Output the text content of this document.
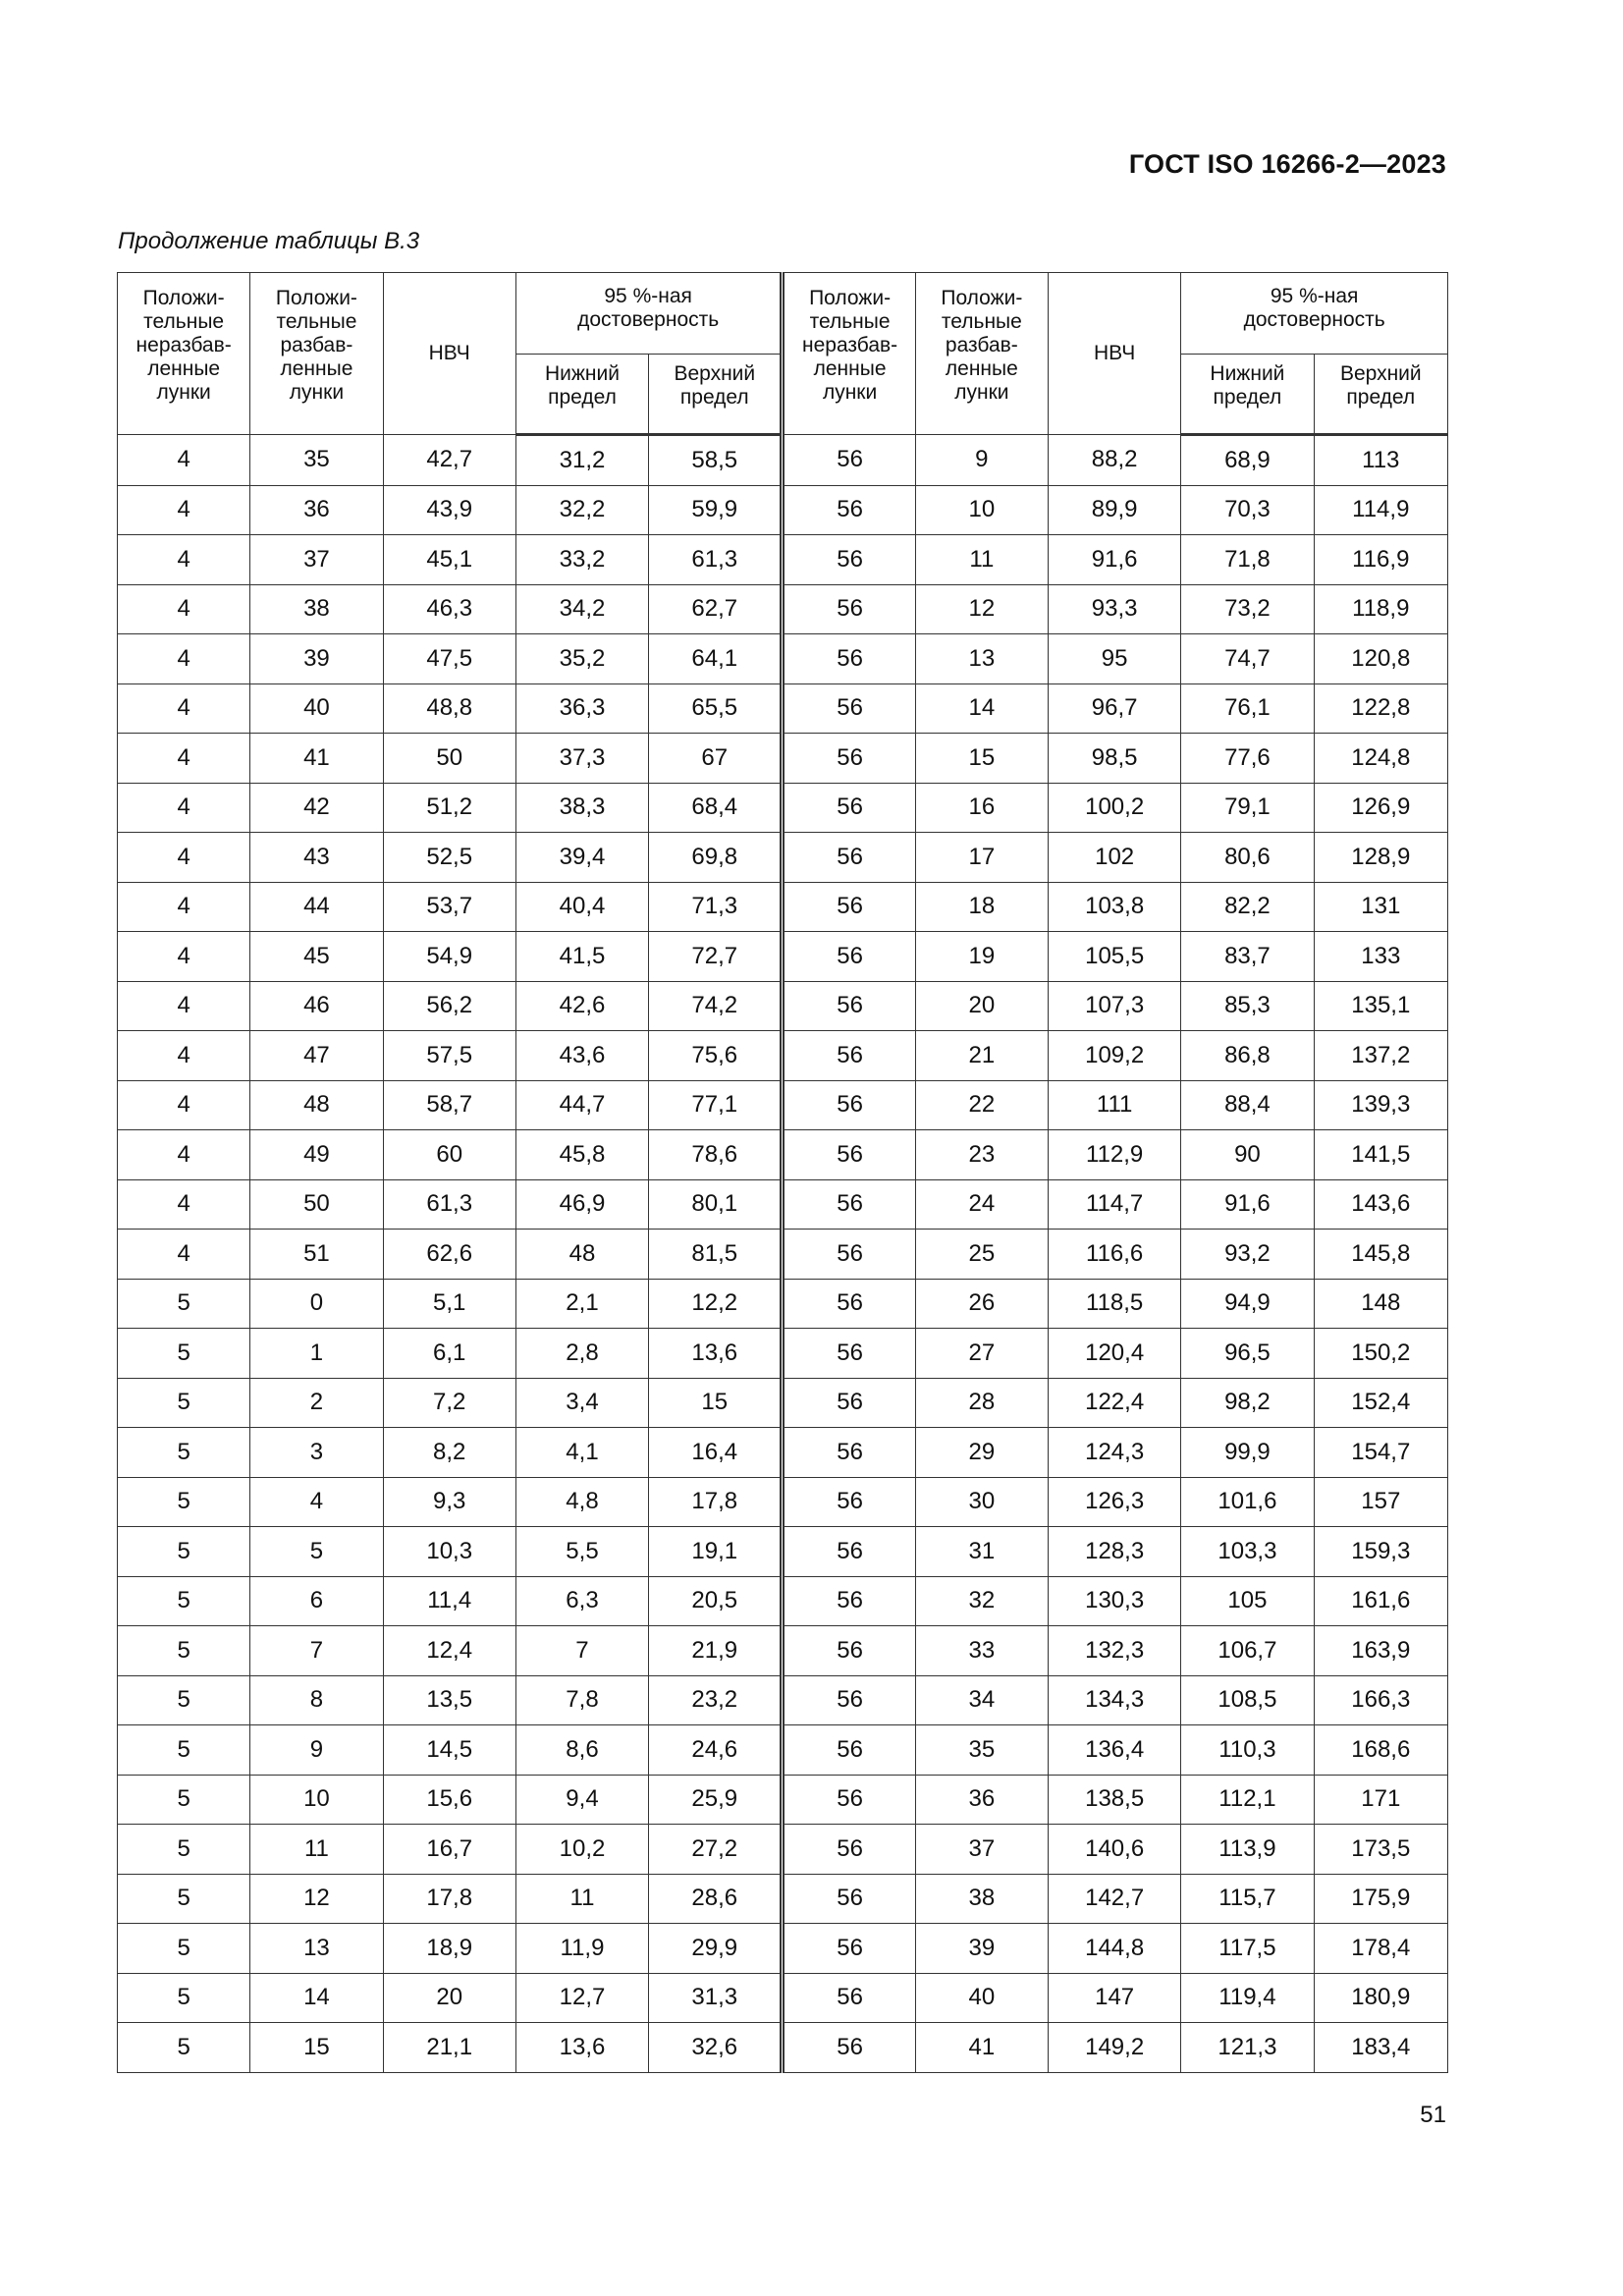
ГОСТ ISO 16266-2—2023
Продолжение таблицы В.3
Положи-
тельные
неразбав-
ленные
лунки	Положи-
тельные
разбав-
ленные
лунки	НВЧ	95 %-ная
достоверность		Положи-
тельные
неразбав-
ленные
лунки	Положи-
тельные
разбав-
ленные
лунки	НВЧ	95 %-ная
достоверность	
			Нижний
предел	Верхний
предел				Нижний
предел	Верхний
предел
4	35	42,7	31,2	58,5	56	9	88,2	68,9	113
4	36	43,9	32,2	59,9	56	10	89,9	70,3	114,9
4	37	45,1	33,2	61,3	56	11	91,6	71,8	116,9
4	38	46,3	34,2	62,7	56	12	93,3	73,2	118,9
4	39	47,5	35,2	64,1	56	13	95	74,7	120,8
4	40	48,8	36,3	65,5	56	14	96,7	76,1	122,8
4	41	50	37,3	67	56	15	98,5	77,6	124,8
4	42	51,2	38,3	68,4	56	16	100,2	79,1	126,9
4	43	52,5	39,4	69,8	56	17	102	80,6	128,9
4	44	53,7	40,4	71,3	56	18	103,8	82,2	131
4	45	54,9	41,5	72,7	56	19	105,5	83,7	133
4	46	56,2	42,6	74,2	56	20	107,3	85,3	135,1
4	47	57,5	43,6	75,6	56	21	109,2	86,8	137,2
4	48	58,7	44,7	77,1	56	22	111	88,4	139,3
4	49	60	45,8	78,6	56	23	112,9	90	141,5
4	50	61,3	46,9	80,1	56	24	114,7	91,6	143,6
4	51	62,6	48	81,5	56	25	116,6	93,2	145,8
5	0	5,1	2,1	12,2	56	26	118,5	94,9	148
5	1	6,1	2,8	13,6	56	27	120,4	96,5	150,2
5	2	7,2	3,4	15	56	28	122,4	98,2	152,4
5	3	8,2	4,1	16,4	56	29	124,3	99,9	154,7
5	4	9,3	4,8	17,8	56	30	126,3	101,6	157
5	5	10,3	5,5	19,1	56	31	128,3	103,3	159,3
5	6	11,4	6,3	20,5	56	32	130,3	105	161,6
5	7	12,4	7	21,9	56	33	132,3	106,7	163,9
5	8	13,5	7,8	23,2	56	34	134,3	108,5	166,3
5	9	14,5	8,6	24,6	56	35	136,4	110,3	168,6
5	10	15,6	9,4	25,9	56	36	138,5	112,1	171
5	11	16,7	10,2	27,2	56	37	140,6	113,9	173,5
5	12	17,8	11	28,6	56	38	142,7	115,7	175,9
5	13	18,9	11,9	29,9	56	39	144,8	117,5	178,4
5	14	20	12,7	31,3	56	40	147	119,4	180,9
5	15	21,1	13,6	32,6	56	41	149,2	121,3	183,4
51
